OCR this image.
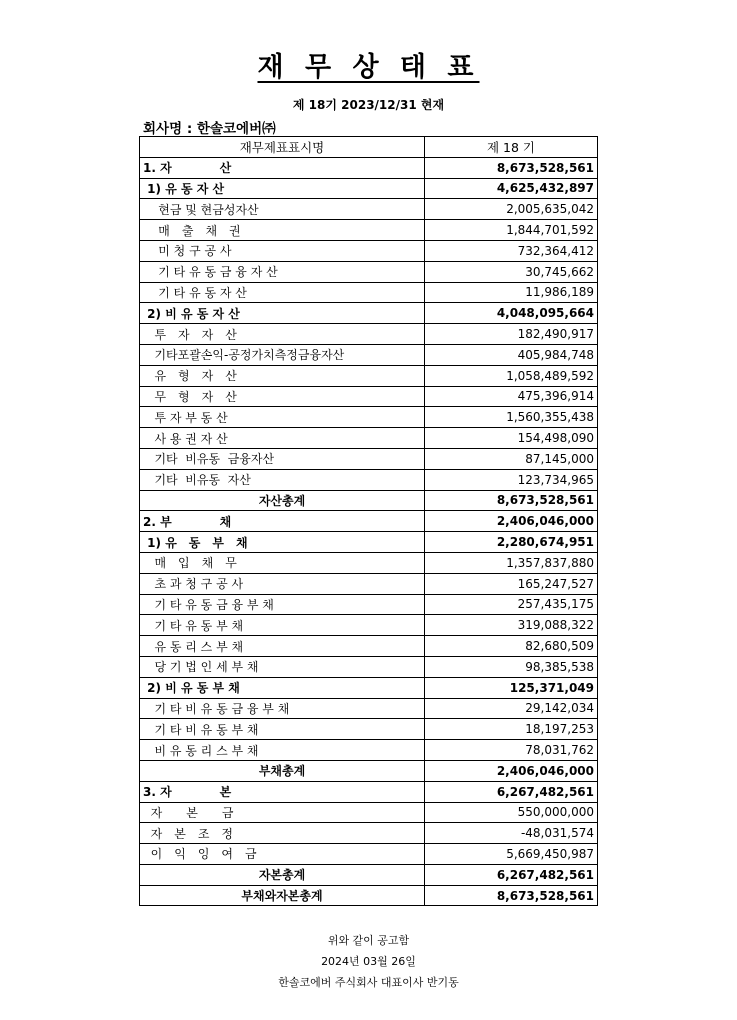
재 무 상 태 표
제 18기 2023/12/31 현재
회사명 : 한솔코에버㈜
재무제표표시명	제 18 기
1. 자　　　　산	8,673,528,561
1) 유 동 자 산	4,625,432,897
현금 및 현금성자산	2,005,635,042
매　출　채　권	1,844,701,592
미 청 구 공 사	732,364,412
기 타 유 동 금 융 자 산	30,745,662
기 타 유 동 자 산	11,986,189
2) 비 유 동 자 산	4,048,095,664
투　자　자　산	182,490,917
기타포괄손익-공정가치측정금융자산	405,984,748
유　형　자　산	1,058,489,592
무　형　자　산	475,396,914
투 자 부 동 산	1,560,355,438
사 용 권 자 산	154,498,090
기타  비유동  금융자산	87,145,000
기타  비유동  자산	123,734,965
자산총계	8,673,528,561
2. 부　　　　채	2,406,046,000
1) 유　동　부　채	2,280,674,951
매　입　채　무	1,357,837,880
초 과 청 구 공 사	165,247,527
기 타 유 동 금 융 부 채	257,435,175
기 타 유 동 부 채	319,088,322
유 동 리 스 부 채	82,680,509
당 기 법 인 세 부 채	98,385,538
2) 비 유 동 부 채	125,371,049
기 타 비 유 동 금 융 부 채	29,142,034
기 타 비 유 동 부 채	18,197,253
비 유 동 리 스 부 채	78,031,762
부채총계	2,406,046,000
3. 자　　　　본	6,267,482,561
자　　본　　금	550,000,000
자　본　조　정	-48,031,574
이　익　잉　여　금	5,669,450,987
자본총계	6,267,482,561
부채와자본총계	8,673,528,561
위와 같이 공고함
2024년 03월 26일
한솔코에버 주식회사 대표이사 반기동
